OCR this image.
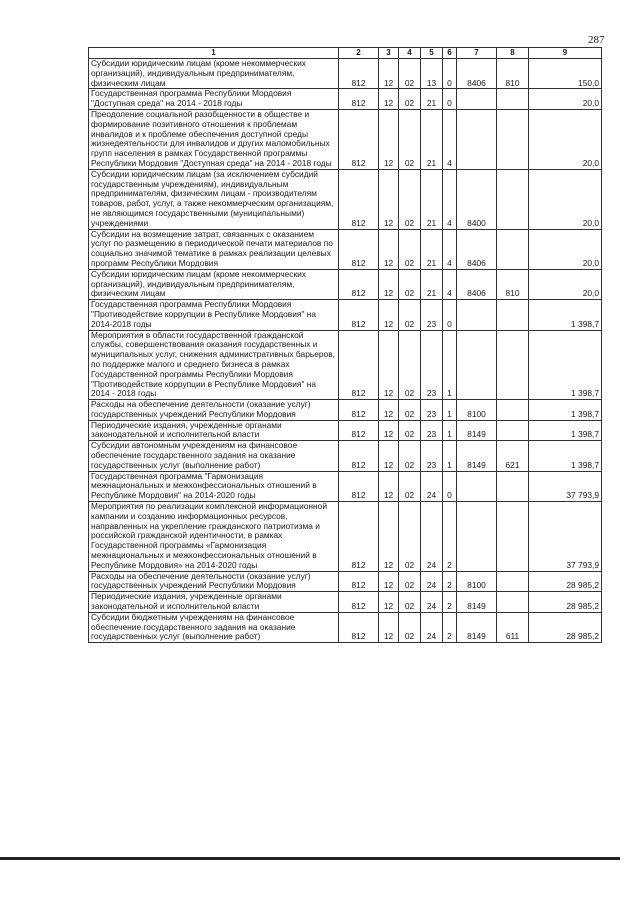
287
1	2	3	4	5	6	7	8	9
Субсидии юридическим лицам (кроме некоммерческих организаций), индивидуальным предпринимателям, физическим лицам	812	12	02	13	0	8406	810	150,0
Государственная программа Республики Мордовия "Доступная среда" на 2014 - 2018 годы	812	12	02	21	0			20,0
Преодоление социальной разобщенности в обществе и формирование позитивного отношения к проблемам инвалидов и к проблеме обеспечения доступной среды жизнедеятельности для инвалидов и других маломобильных групп населения в рамках Государственной программы Республики Мордовия "Доступная среда" на 2014 - 2018 годы	812	12	02	21	4			20,0
Субсидии юридическим лицам (за исключением субсидий государственным учреждениям), индивидуальным предпринимателям, физическим лицам - производителям товаров, работ, услуг, а также некоммерческим организациям, не являющимся государственными (муниципальными) учреждениями	812	12	02	21	4	8400		20,0
Субсидии на возмещение затрат, связанных с оказанием услуг по размещению в периодической печати материалов по социально значимой тематике в рамках реализации целевых программ Республики Мордовия	812	12	02	21	4	8406		20,0
Субсидии юридическим лицам (кроме некоммерческих организаций), индивидуальным предпринимателям, физическим лицам	812	12	02	21	4	8406	810	20,0
Государственная программа Республики Мордовия "Противодействие коррупции в Республике Мордовия" на 2014-2018 годы	812	12	02	23	0			1 398,7
Мероприятия в области государственной гражданской службы, совершенствования оказания государственных и муниципальных услуг, снижения административных барьеров, по поддержке малого и среднего бизнеса в рамках Государственной программы Республики Мордовия "Противодействие коррупции в Республике Мордовия" на 2014 - 2018 годы	812	12	02	23	1			1 398,7
Расходы на обеспечение деятельности (оказание услуг) государственных учреждений Республики Мордовия	812	12	02	23	1	8100		1 398,7
Периодические издания, учрежденные органами законодательной и исполнительной власти	812	12	02	23	1	8149		1 398,7
Субсидии автономным учреждениям на финансовое обеспечение государственного задания на оказание государственных услуг (выполнение работ)	812	12	02	23	1	8149	621	1 398,7
Государственная программа "Гармонизация межнациональных и межконфессиональных отношений в Республике Мордовия" на 2014-2020 годы	812	12	02	24	0			37 793,9
Мероприятия по реализации комплексной информационной кампании и созданию информационных ресурсов, направленных на укрепление гражданского патриотизма и российской гражданской идентичности, в рамках Государственной программы «Гармонизация межнациональных и межконфессиональных отношений в Республике Мордовия» на 2014-2020 годы	812	12	02	24	2			37 793,9
Расходы на обеспечение деятельности (оказание услуг) государственных учреждений Республики Мордовия	812	12	02	24	2	8100		28 985,2
Периодические издания, учрежденные органами законодательной и исполнительной власти	812	12	02	24	2	8149		28 985,2
Субсидии бюджетным учреждениям на финансовое обеспечение государственного задания на оказание государственных услуг (выполнение работ)	812	12	02	24	2	8149	611	28 985,2
